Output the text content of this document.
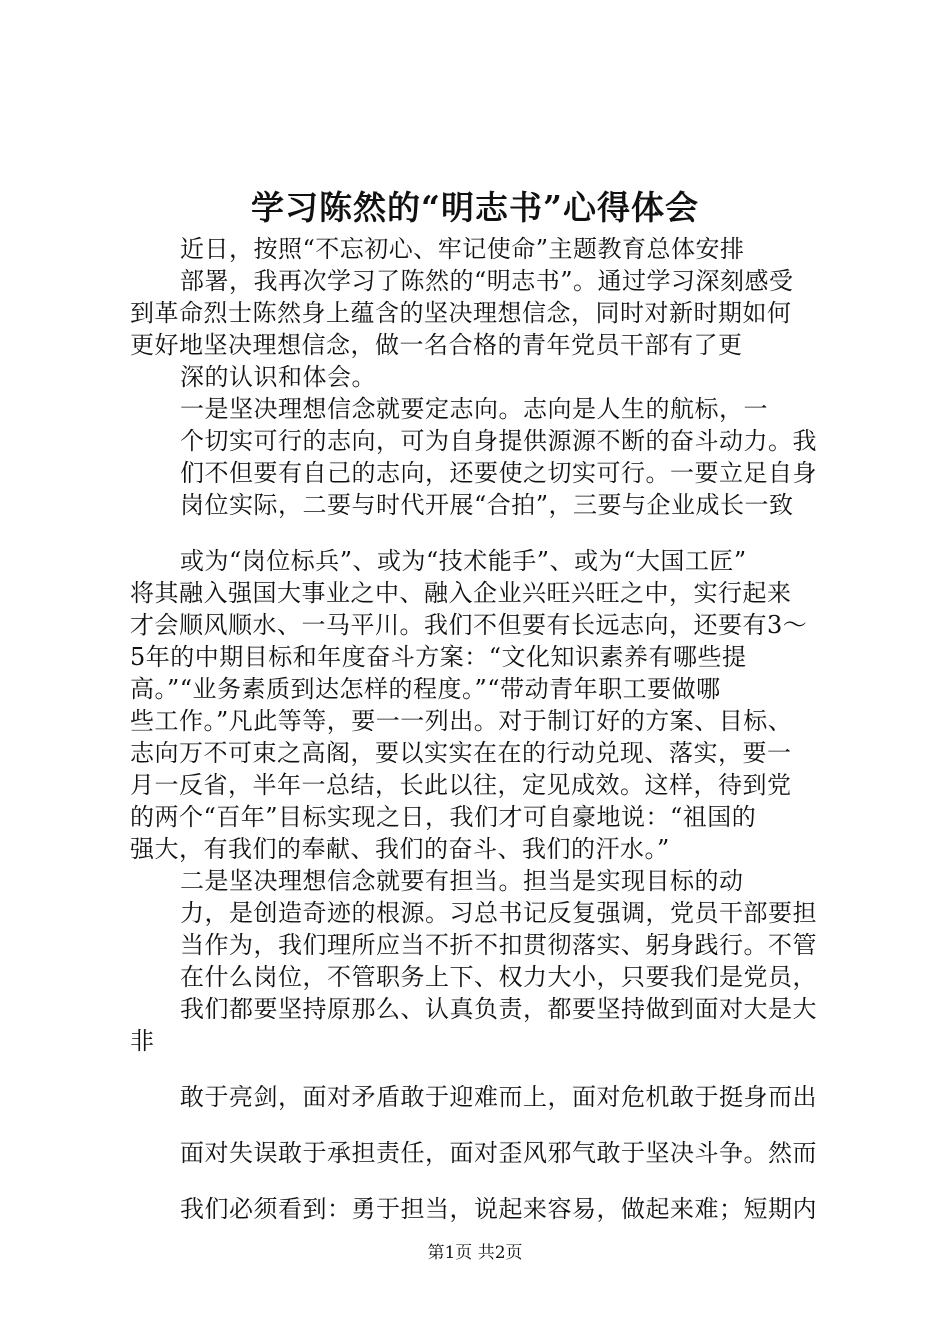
学习陈然的“明志书”心得体会
近日，按照“不忘初心、牢记使命”主题教育总体安排
部署，我再次学习了陈然的“明志书”。通过学习深刻感受
到革命烈士陈然身上蕴含的坚决理想信念，同时对新时期如何
更好地坚决理想信念，做一名合格的青年党员干部有了更
深的认识和体会。
一是坚决理想信念就要定志向。志向是人生的航标，一
个切实可行的志向，可为自身提供源源不断的奋斗动力。我
们不但要有自己的志向，还要使之切实可行。一要立足自身
岗位实际，二要与时代开展“合拍”，三要与企业成长一致
或为“岗位标兵”、或为“技术能手”、或为“大国工匠”
将其融入强国大事业之中、融入企业兴旺兴旺之中，实行起来
才会顺风顺水、一马平川。我们不但要有长远志向，还要有3～
5年的中期目标和年度奋斗方案：“文化知识素养有哪些提
高。”“业务素质到达怎样的程度。”“带动青年职工要做哪
些工作。”凡此等等，要一一列出。对于制订好的方案、目标、
志向万不可束之高阁，要以实实在在的行动兑现、落实，要一
月一反省，半年一总结，长此以往，定见成效。这样，待到党
的两个“百年”目标实现之日，我们才可自豪地说：“祖国的
强大，有我们的奉献、我们的奋斗、我们的汗水。”
二是坚决理想信念就要有担当。担当是实现目标的动
力，是创造奇迹的根源。习总书记反复强调，党员干部要担
当作为，我们理所应当不折不扣贯彻落实、躬身践行。不管
在什么岗位，不管职务上下、权力大小，只要我们是党员，
我们都要坚持原那么、认真负责，都要坚持做到面对大是大
非
敢于亮剑，面对矛盾敢于迎难而上，面对危机敢于挺身而出
面对失误敢于承担责任，面对歪风邪气敢于坚决斗争。然而
我们必须看到：勇于担当，说起来容易，做起来难；短期内
第1页 共2页
